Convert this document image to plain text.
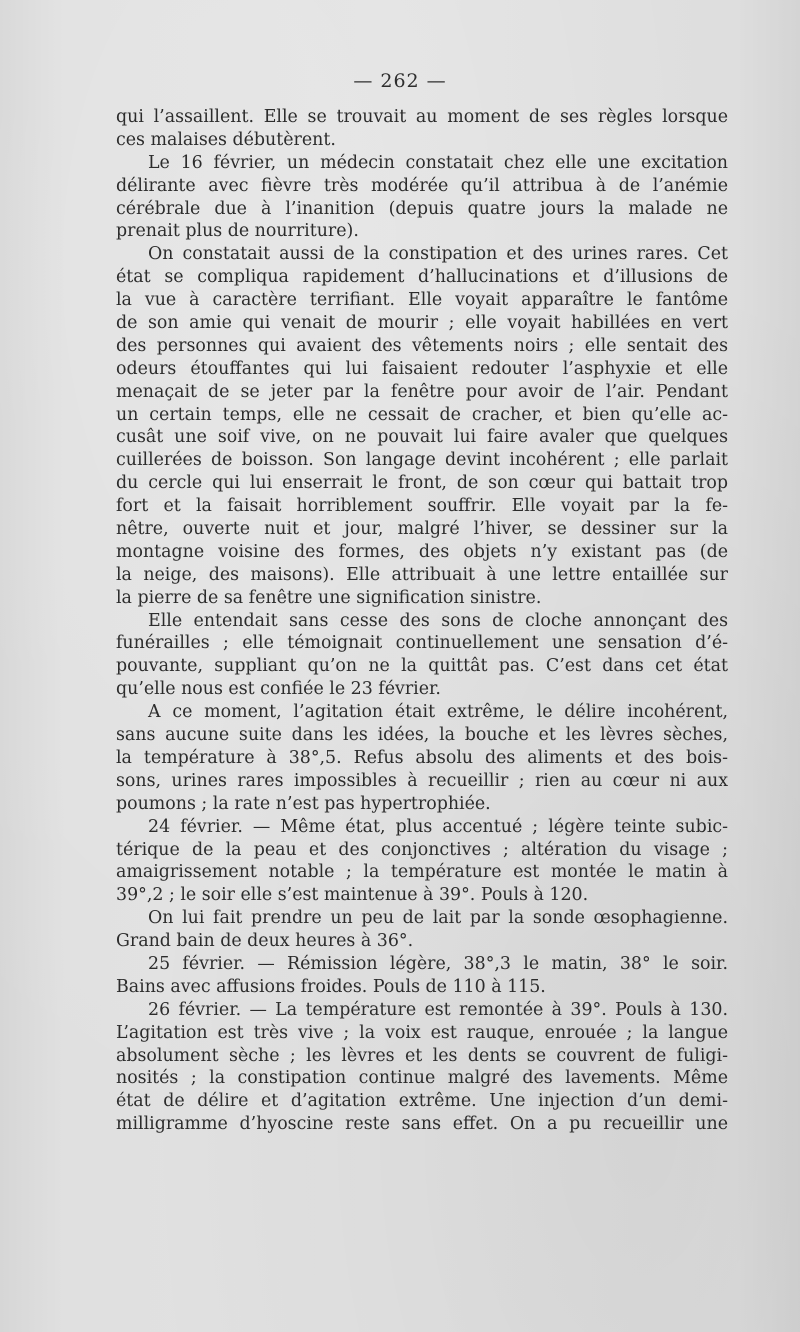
— 262 —
qui l’assaillent. Elle se trouvait au moment de ses règles lorsque
ces malaises débutèrent.
Le 16 février, un médecin constatait chez elle une excitation
délirante avec fièvre très modérée qu’il attribua à de l’anémie
cérébrale due à l’inanition (depuis quatre jours la malade ne
prenait plus de nourriture).
On constatait aussi de la constipation et des urines rares. Cet
état se compliqua rapidement d’hallucinations et d’illusions de
la vue à caractère terrifiant. Elle voyait apparaître le fantôme
de son amie qui venait de mourir ; elle voyait habillées en vert
des personnes qui avaient des vêtements noirs ; elle sentait des
odeurs étouffantes qui lui faisaient redouter l’asphyxie et elle
menaçait de se jeter par la fenêtre pour avoir de l’air. Pendant
un certain temps, elle ne cessait de cracher, et bien qu’elle ac-
cusât une soif vive, on ne pouvait lui faire avaler que quelques
cuillerées de boisson. Son langage devint incohérent ; elle parlait
du cercle qui lui enserrait le front, de son cœur qui battait trop
fort et la faisait horriblement souffrir. Elle voyait par la fe-
nêtre, ouverte nuit et jour, malgré l’hiver, se dessiner sur la
montagne voisine des formes, des objets n’y existant pas (de
la neige, des maisons). Elle attribuait à une lettre entaillée sur
la pierre de sa fenêtre une signification sinistre.
Elle entendait sans cesse des sons de cloche annonçant des
funérailles ; elle témoignait continuellement une sensation d’é-
pouvante, suppliant qu’on ne la quittât pas. C’est dans cet état
qu’elle nous est confiée le 23 février.
A ce moment, l’agitation était extrême, le délire incohérent,
sans aucune suite dans les idées, la bouche et les lèvres sèches,
la température à 38°,5. Refus absolu des aliments et des bois-
sons, urines rares impossibles à recueillir ; rien au cœur ni aux
poumons ; la rate n’est pas hypertrophiée.
24 février. — Même état, plus accentué ; légère teinte subic-
térique de la peau et des conjonctives ; altération du visage ;
amaigrissement notable ; la température est montée le matin à
39°,2 ; le soir elle s’est maintenue à 39°. Pouls à 120.
On lui fait prendre un peu de lait par la sonde œsophagienne.
Grand bain de deux heures à 36°.
25 février. — Rémission légère, 38°,3 le matin, 38° le soir.
Bains avec affusions froides. Pouls de 110 à 115.
26 février. — La température est remontée à 39°. Pouls à 130.
L’agitation est très vive ; la voix est rauque, enrouée ; la langue
absolument sèche ; les lèvres et les dents se couvrent de fuligi-
nosités ; la constipation continue malgré des lavements. Même
état de délire et d’agitation extrême. Une injection d’un demi-
milligramme d’hyoscine reste sans effet. On a pu recueillir une
